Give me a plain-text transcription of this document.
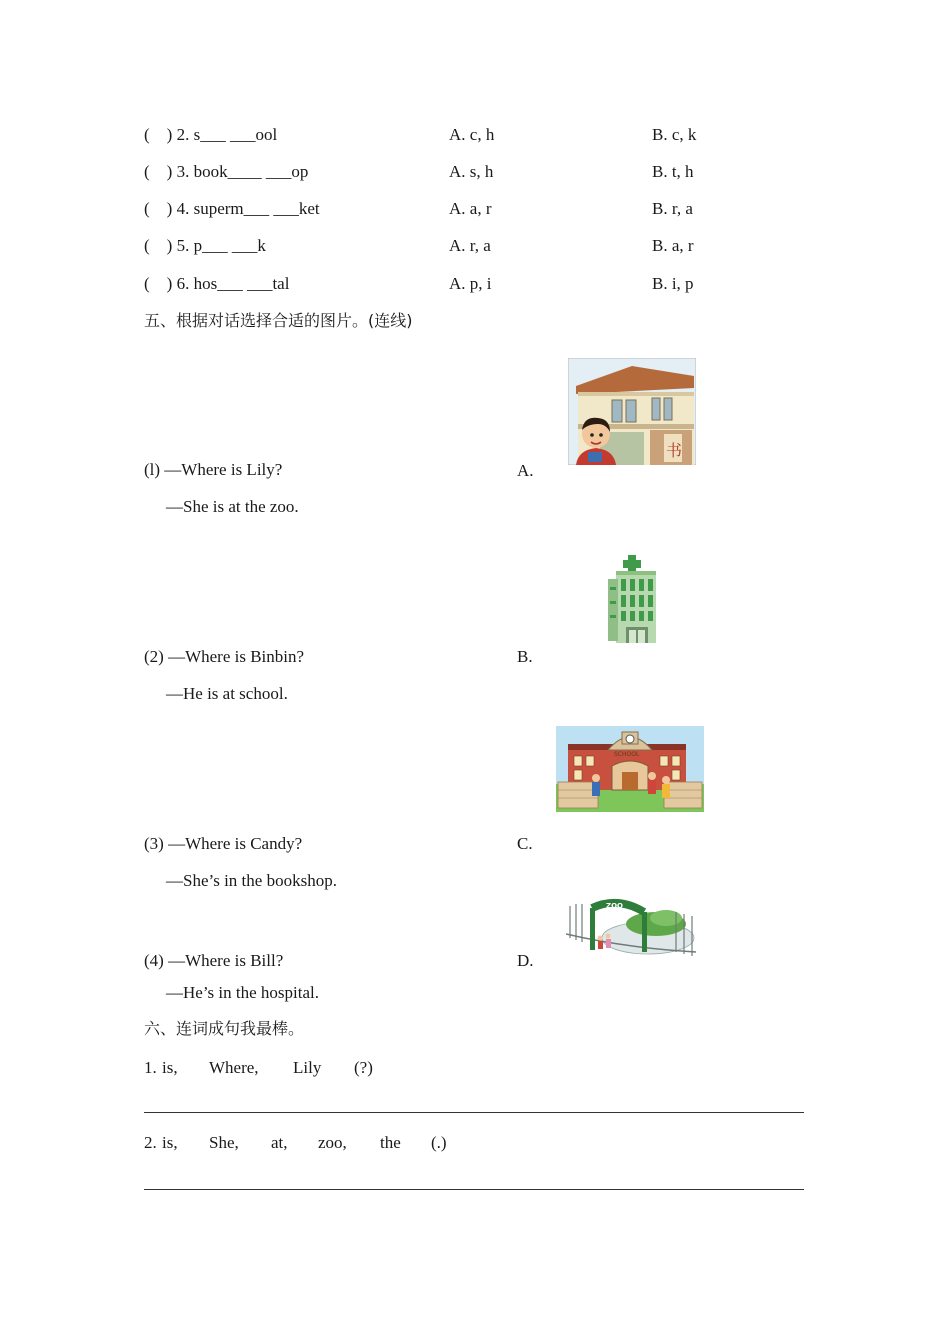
(    ) 2. s___ ___ool	A. c, h	B. c, k
(    ) 3. book____ ___op	A. s, h	B. t, h
(    ) 4. superm___ ___ket	A. a, r	B. r, a
(    ) 5. p___ ___k	A. r, a	B. a, r
(    ) 6. hos___ ___tal	A. p, i	B. i, p
五、根据对话选择合适的图片。(连线)
(l) —Where is Lily?
—She is at the zoo.
(2) —Where is Binbin?
—He is at school.
(3) —Where is Candy?
—She’s in the bookshop.
(4) —Where is Bill?
—He’s in the hospital.
A.
B.
C.
D.
书
SCHOOL
ZOO
六、连词成句我最棒。
1. is, Where, Lily (?)
2. is, She, at, zoo, the (.)
